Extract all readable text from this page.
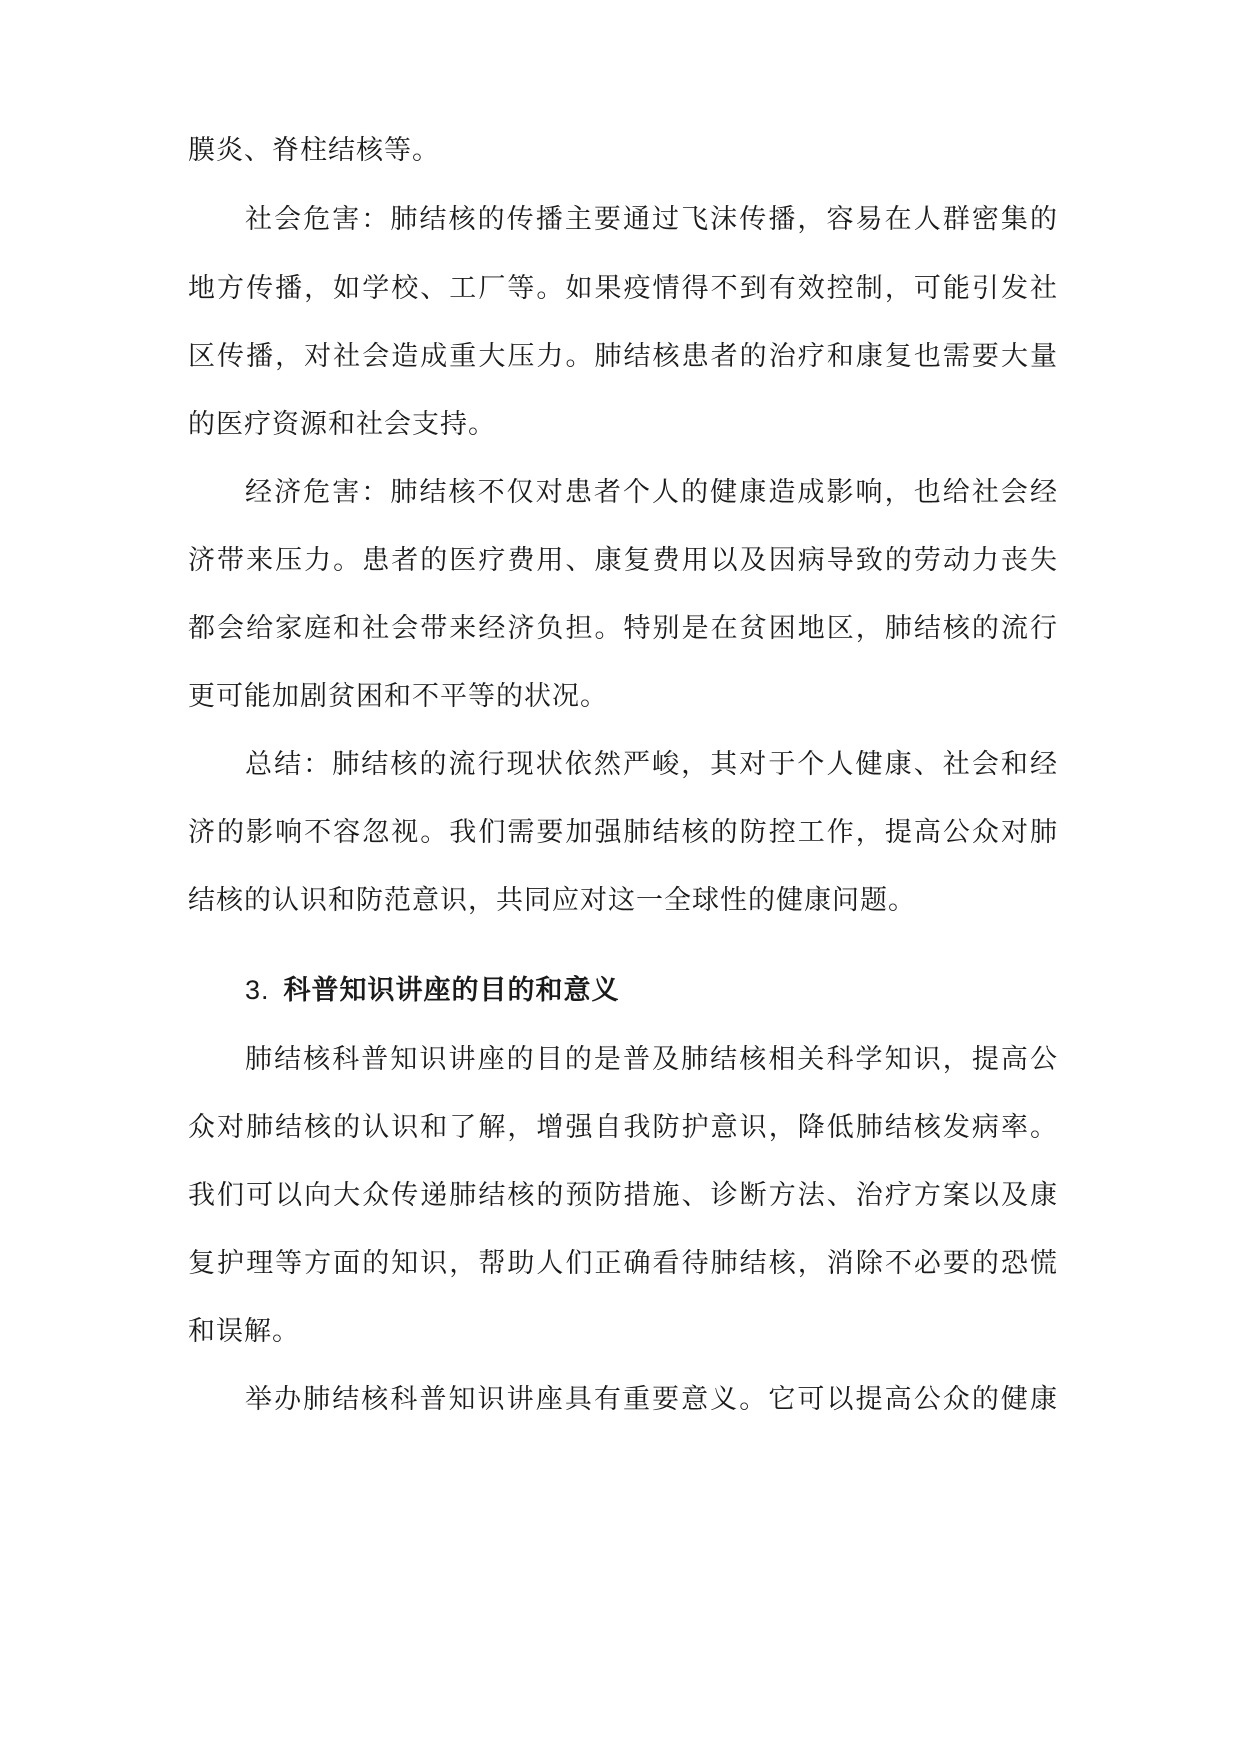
膜炎、脊柱结核等。
社会危害：肺结核的传播主要通过飞沫传播，容易在人群密集的
地方传播，如学校、工厂等。如果疫情得不到有效控制，可能引发社
区传播，对社会造成重大压力。肺结核患者的治疗和康复也需要大量
的医疗资源和社会支持。
经济危害：肺结核不仅对患者个人的健康造成影响，也给社会经
济带来压力。患者的医疗费用、康复费用以及因病导致的劳动力丧失
都会给家庭和社会带来经济负担。特别是在贫困地区，肺结核的流行
更可能加剧贫困和不平等的状况。
总结：肺结核的流行现状依然严峻，其对于个人健康、社会和经
济的影响不容忽视。我们需要加强肺结核的防控工作，提高公众对肺
结核的认识和防范意识，共同应对这一全球性的健康问题。
3. 科普知识讲座的目的和意义
肺结核科普知识讲座的目的是普及肺结核相关科学知识，提高公
众对肺结核的认识和了解，增强自我防护意识，降低肺结核发病率。
我们可以向大众传递肺结核的预防措施、诊断方法、治疗方案以及康
复护理等方面的知识，帮助人们正确看待肺结核，消除不必要的恐慌
和误解。
举办肺结核科普知识讲座具有重要意义。它可以提高公众的健康
